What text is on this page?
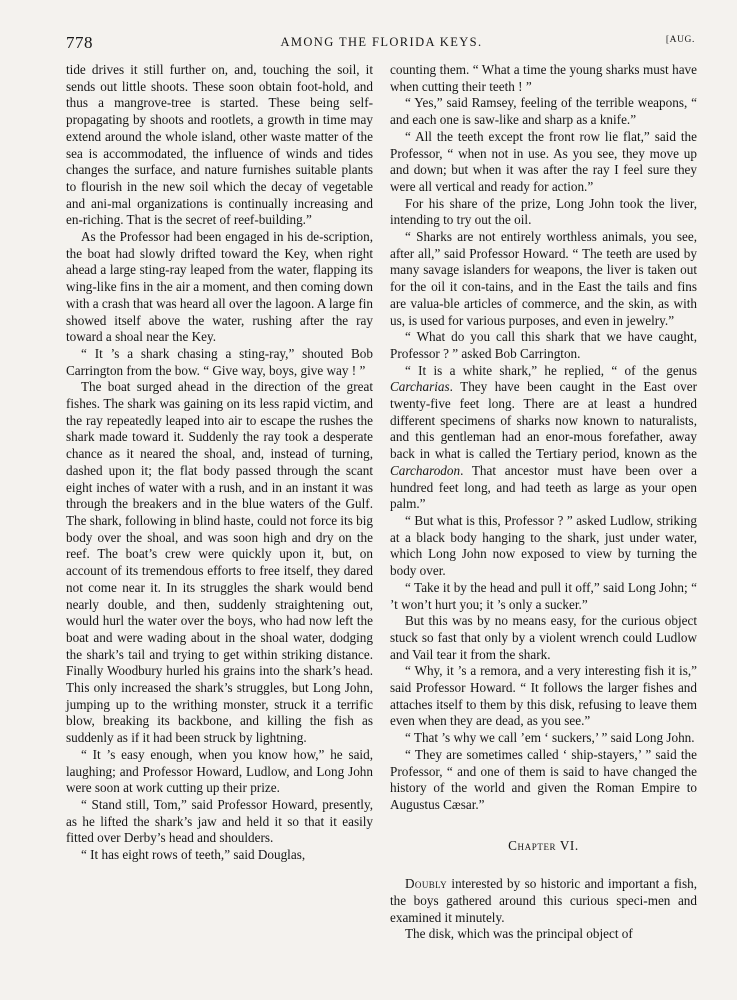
778	AMONG THE FLORIDA KEYS.	[AUG.

tide drives it still further on, and, touching the soil, it sends out little shoots. These soon obtain foot-hold, and thus a mangrove-tree is started. These being self-propagating by shoots and rootlets, a growth in time may extend around the whole island, other waste matter of the sea is accommodated, the influence of winds and tides changes the surface, and nature furnishes suitable plants to flourish in the new soil which the decay of vegetable and ani-mal organizations is continually increasing and en-riching. That is the secret of reef-building.”

As the Professor had been engaged in his de-scription, the boat had slowly drifted toward the Key, when right ahead a large sting-ray leaped from the water, flapping its wing-like fins in the air a moment, and then coming down with a crash that was heard all over the lagoon. A large fin showed itself above the water, rushing after the ray toward a shoal near the Key.

“ It ’s a shark chasing a sting-ray,” shouted Bob Carrington from the bow. “ Give way, boys, give way ! ”

The boat surged ahead in the direction of the great fishes. The shark was gaining on its less rapid victim, and the ray repeatedly leaped into air to escape the rushes the shark made toward it. Suddenly the ray took a desperate chance as it neared the shoal, and, instead of turning, dashed upon it; the flat body passed through the scant eight inches of water with a rush, and in an instant it was through the breakers and in the blue waters of the Gulf. The shark, following in blind haste, could not force its big body over the shoal, and was soon high and dry on the reef. The boat’s crew were quickly upon it, but, on account of its tremendous efforts to free itself, they dared not come near it. In its struggles the shark would bend nearly double, and then, suddenly straightening out, would hurl the water over the boys, who had now left the boat and were wading about in the shoal water, dodging the shark’s tail and trying to get within striking distance. Finally Woodbury hurled his grains into the shark’s head. This only increased the shark’s struggles, but Long John, jumping up to the writhing monster, struck it a terrific blow, breaking its backbone, and killing the fish as suddenly as if it had been struck by lightning.

“ It ’s easy enough, when you know how,” he said, laughing; and Professor Howard, Ludlow, and Long John were soon at work cutting up their prize.

“ Stand still, Tom,” said Professor Howard, presently, as he lifted the shark’s jaw and held it so that it easily fitted over Derby’s head and shoulders.

“ It has eight rows of teeth,” said Douglas,

counting them. “ What a time the young sharks must have when cutting their teeth ! ”

“ Yes,” said Ramsey, feeling of the terrible weapons, “ and each one is saw-like and sharp as a knife.”

“ All the teeth except the front row lie flat,” said the Professor, “ when not in use. As you see, they move up and down; but when it was after the ray I feel sure they were all vertical and ready for action.”

For his share of the prize, Long John took the liver, intending to try out the oil.

“ Sharks are not entirely worthless animals, you see, after all,” said Professor Howard. “ The teeth are used by many savage islanders for weapons, the liver is taken out for the oil it con-tains, and in the East the tails and fins are valua-ble articles of commerce, and the skin, as with us, is used for various purposes, and even in jewelry.”

“ What do you call this shark that we have caught, Professor ? ” asked Bob Carrington.

“ It is a white shark,” he replied, “ of the genus Carcharias. They have been caught in the East over twenty-five feet long. There are at least a hundred different specimens of sharks now known to naturalists, and this gentleman had an enor-mous forefather, away back in what is called the Tertiary period, known as the Carcharodon. That ancestor must have been over a hundred feet long, and had teeth as large as your open palm.”

“ But what is this, Professor ? ” asked Ludlow, striking at a black body hanging to the shark, just under water, which Long John now exposed to view by turning the body over.

“ Take it by the head and pull it off,” said Long John; “ ’t won’t hurt you; it ’s only a sucker.”

But this was by no means easy, for the curious object stuck so fast that only by a violent wrench could Ludlow and Vail tear it from the shark.

“ Why, it ’s a remora, and a very interesting fish it is,” said Professor Howard. “ It follows the larger fishes and attaches itself to them by this disk, refusing to leave them even when they are dead, as you see.”

“ That ’s why we call ’em ‘ suckers,’ ” said Long John.

“ They are sometimes called ‘ ship-stayers,’ ” said the Professor, “ and one of them is said to have changed the history of the world and given the Roman Empire to Augustus Cæsar.”

Chapter VI.

Doubly interested by so historic and important a fish, the boys gathered around this curious speci-men and examined it minutely.

The disk, which was the principal object of
